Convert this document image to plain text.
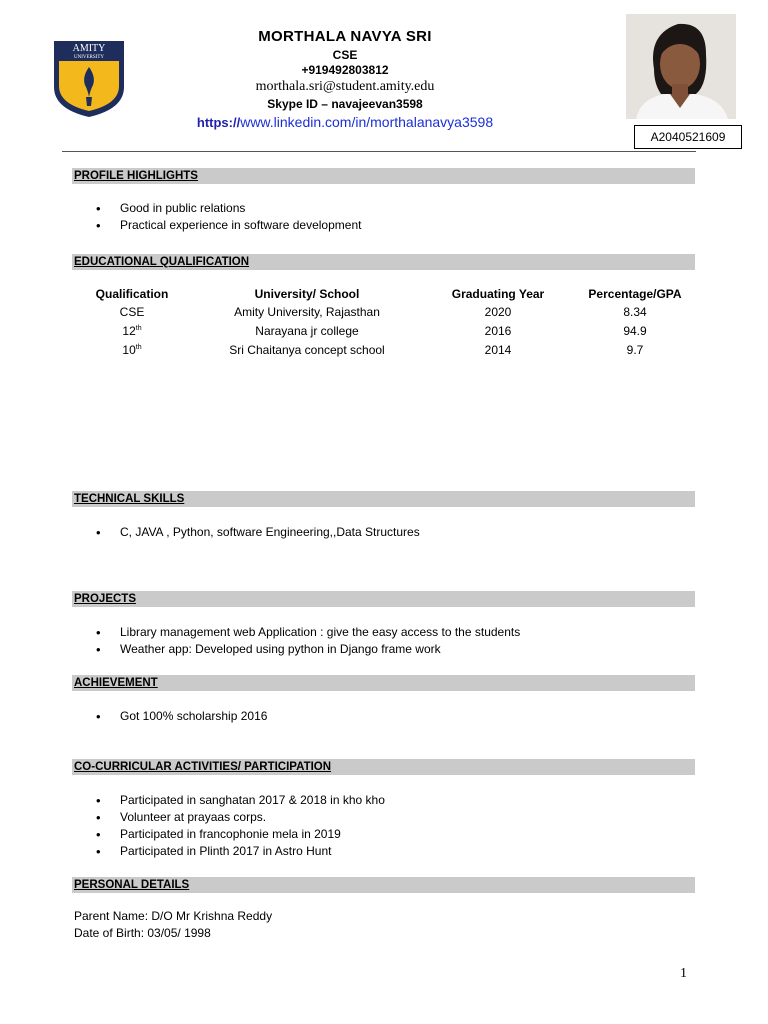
AMITY
UNIVERSITY
MORTHALA NAVYA SRI
CSE
+919492803812
morthala.sri@student.amity.edu
Skype ID – navajeevan3598
https://www.linkedin.com/in/morthalanavya3598
A2040521609
PROFILE HIGHLIGHTS
• Good in public relations
• Practical experience in software development
EDUCATIONAL QUALIFICATION
Qualification	University/ School	Graduating Year	Percentage/GPA
CSE	Amity University, Rajasthan	2020	8.34
12th	Narayana jr college	2016	94.9
10th	Sri Chaitanya concept school	2014	9.7
TECHNICAL SKILLS
• C, JAVA , Python, software Engineering,,Data Structures
PROJECTS
• Library management web Application : give the easy access to the students
• Weather app: Developed using python in Django frame work
ACHIEVEMENT
• Got 100% scholarship 2016
CO-CURRICULAR ACTIVITIES/ PARTICIPATION
• Participated in sanghatan 2017 & 2018 in kho kho
• Volunteer at prayaas corps.
• Participated in francophonie mela in 2019
• Participated in Plinth 2017 in Astro Hunt
PERSONAL DETAILS
Parent Name: D/O Mr Krishna Reddy
Date of Birth: 03/05/ 1998
1
